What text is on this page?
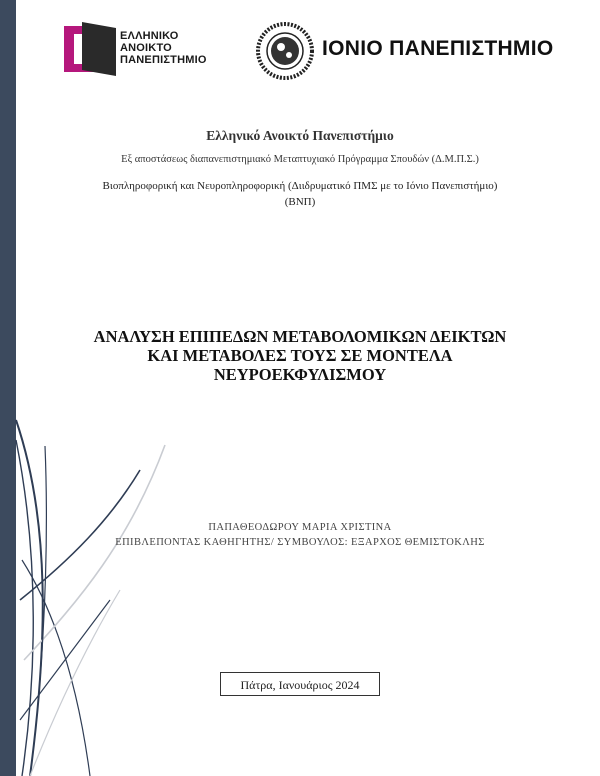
ΕΛΛΗΝΙΚΟ
ΑΝΟΙΚΤΟ
ΠΑΝΕΠΙΣΤΗΜΙΟ	ΙΟΝΙΟ ΠΑΝΕΠΙΣΤΗΜΙΟ
Ελληνικό Ανοικτό Πανεπιστήμιο
Εξ αποστάσεως διαπανεπιστημιακό Μεταπτυχιακό Πρόγραμμα Σπουδών (Δ.Μ.Π.Σ.)
Βιοπληροφορική και Νευροπληροφορική (Διιδρυματικό ΠΜΣ με το Ιόνιο Πανεπιστήμιο) (ΒΝΠ)
ΑΝΑΛΥΣΗ ΕΠΙΠΕΔΩΝ ΜΕΤΑΒΟΛΟΜΙΚΩΝ ΔΕΙΚΤΩΝ
ΚΑΙ ΜΕΤΑΒΟΛΕΣ ΤΟΥΣ ΣΕ ΜΟΝΤΕΛΑ
ΝΕΥΡΟΕΚΦΥΛΙΣΜΟΥ
ΠΑΠΑΘΕΟΔΩΡΟΥ ΜΑΡΙΑ ΧΡΙΣΤΙΝΑ
ΕΠΙΒΛΕΠΟΝΤΑΣ ΚΑΘΗΓΗΤΗΣ/ ΣΥΜΒΟΥΛΟΣ: ΕΞΑΡΧΟΣ ΘΕΜΙΣΤΟΚΛΗΣ
Πάτρα, Ιανουάριος 2024
